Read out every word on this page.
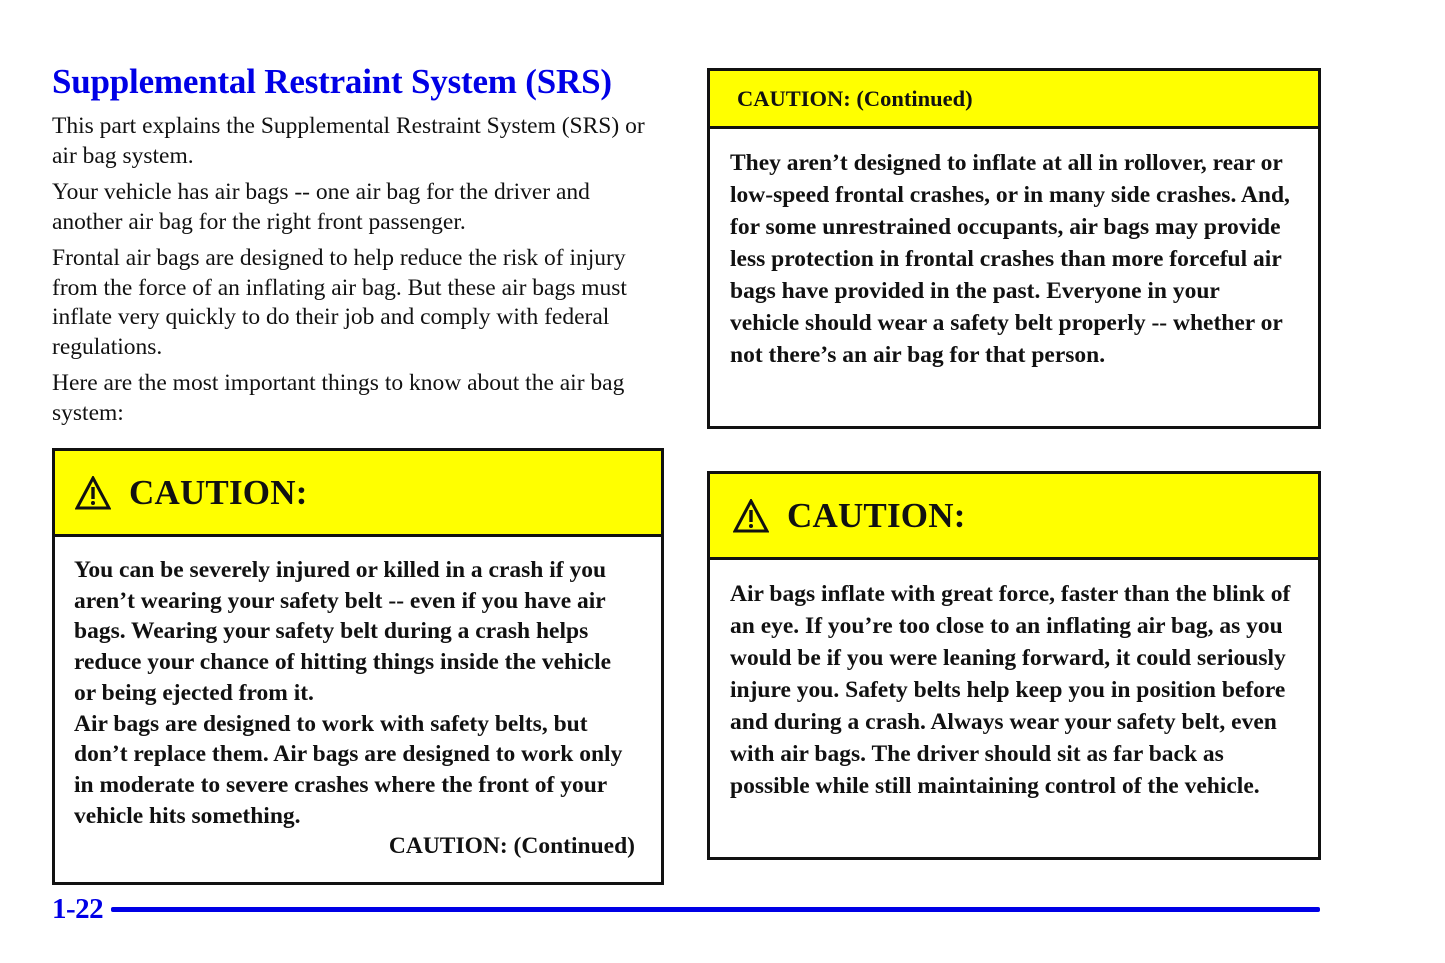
Supplemental Restraint System (SRS)

This part explains the Supplemental Restraint System (SRS) or air bag system.

Your vehicle has air bags -- one air bag for the driver and another air bag for the right front passenger.

Frontal air bags are designed to help reduce the risk of injury from the force of an inflating air bag. But these air bags must inflate very quickly to do their job and comply with federal regulations.

Here are the most important things to know about the air bag system:

CAUTION:

You can be severely injured or killed in a crash if you aren’t wearing your safety belt -- even if you have air bags. Wearing your safety belt during a crash helps reduce your chance of hitting things inside the vehicle or being ejected from it.

Air bags are designed to work with safety belts, but don’t replace them. Air bags are designed to work only in moderate to severe crashes where the front of your vehicle hits something.

CAUTION: (Continued)

CAUTION: (Continued)

They aren’t designed to inflate at all in rollover, rear or low-speed frontal crashes, or in many side crashes. And, for some unrestrained occupants, air bags may provide less protection in frontal crashes than more forceful air bags have provided in the past. Everyone in your vehicle should wear a safety belt properly -- whether or not there’s an air bag for that person.

CAUTION:

Air bags inflate with great force, faster than the blink of an eye. If you’re too close to an inflating air bag, as you would be if you were leaning forward, it could seriously injure you. Safety belts help keep you in position before and during a crash. Always wear your safety belt, even with air bags. The driver should sit as far back as possible while still maintaining control of the vehicle.

1-22
